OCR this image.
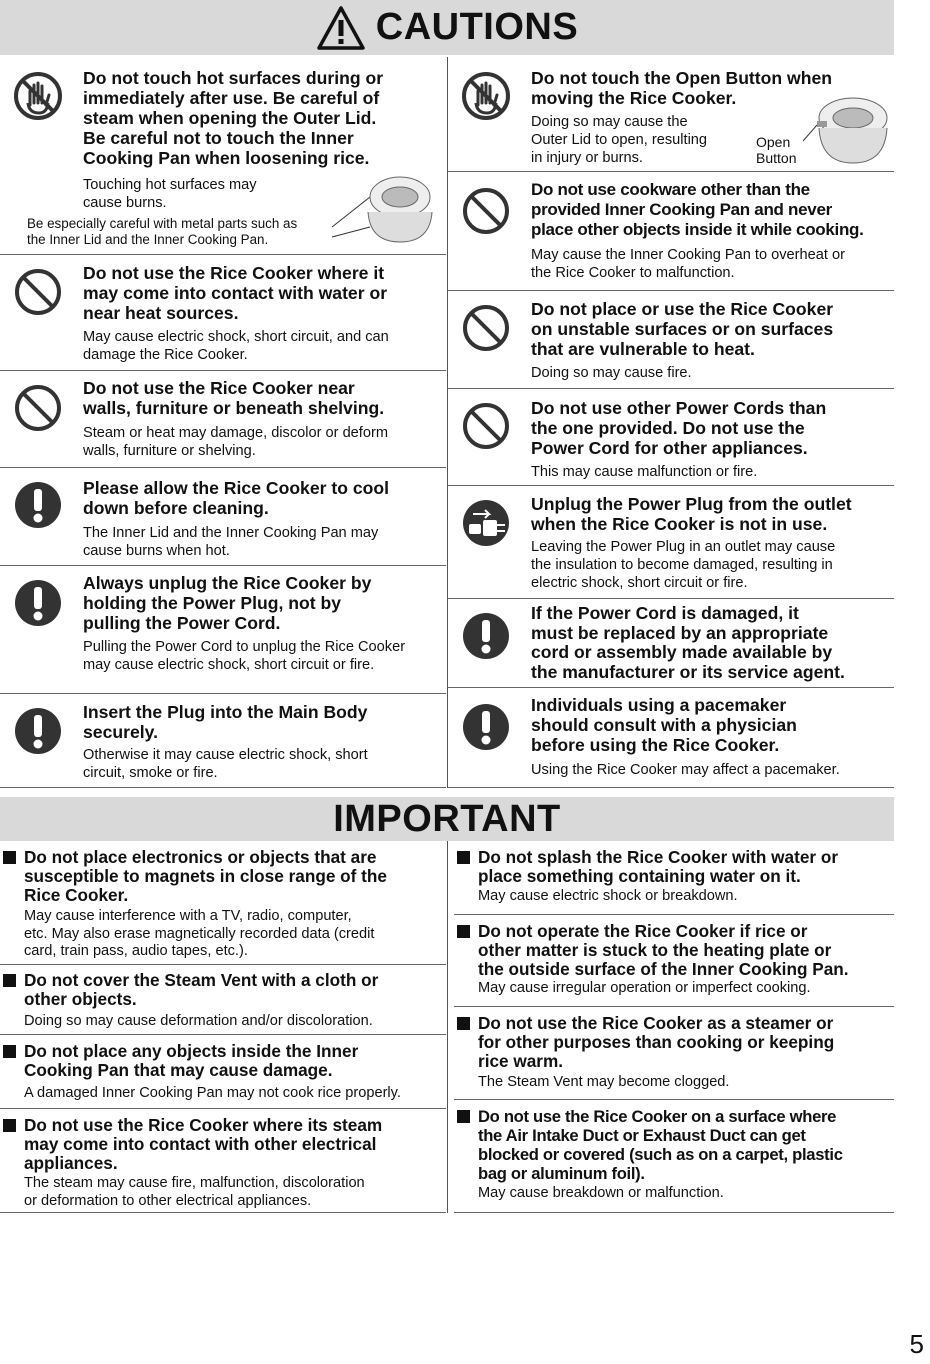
CAUTIONS
Do not touch hot surfaces during or
immediately after use. Be careful of
steam when opening the Outer Lid.
Be careful not to touch the Inner
Cooking Pan when loosening rice.
Touching hot surfaces may
cause burns.
Be especially careful with metal parts such as
the Inner Lid and the Inner Cooking Pan.
Do not use the Rice Cooker where it
may come into contact with water or
near heat sources.
May cause electric shock, short circuit, and can
damage the Rice Cooker.
Do not use the Rice Cooker near
walls, furniture or beneath shelving.
Steam or heat may damage, discolor or deform
walls, furniture or shelving.
Please allow the Rice Cooker to cool
down before cleaning.
The Inner Lid and the Inner Cooking Pan may
cause burns when hot.
Always unplug the Rice Cooker by
holding the Power Plug, not by
pulling the Power Cord.
Pulling the Power Cord to unplug the Rice Cooker
may cause electric shock, short circuit or fire.
Insert the Plug into the Main Body
securely.
Otherwise it may cause electric shock, short
circuit, smoke or fire.
Do not touch the Open Button when
moving the Rice Cooker.
Doing so may cause the
Outer Lid to open, resulting
in injury or burns.
Open
Button
Do not use cookware other than the
provided Inner Cooking Pan and never
place other objects inside it while cooking.
May cause the Inner Cooking Pan to overheat or
the Rice Cooker to malfunction.
Do not place or use the Rice Cooker
on unstable surfaces or on surfaces
that are vulnerable to heat.
Doing so may cause fire.
Do not use other Power Cords than
the one provided. Do not use the
Power Cord for other appliances.
This may cause malfunction or fire.
Unplug the Power Plug from the outlet
when the Rice Cooker is not in use.
Leaving the Power Plug in an outlet may cause
the insulation to become damaged, resulting in
electric shock, short circuit or fire.
If the Power Cord is damaged, it
must be replaced by an appropriate
cord or assembly made available by
the manufacturer or its service agent.
Individuals using a pacemaker
should consult with a physician
before using the Rice Cooker.
Using the Rice Cooker may affect a pacemaker.
IMPORTANT
Do not place electronics or objects that are
susceptible to magnets in close range of the
Rice Cooker.
May cause interference with a TV, radio, computer,
etc. May also erase magnetically recorded data (credit
card, train pass, audio tapes, etc.).
Do not cover the Steam Vent with a cloth or
other objects.
Doing so may cause deformation and/or discoloration.
Do not place any objects inside the Inner
Cooking Pan that may cause damage.
A damaged Inner Cooking Pan may not cook rice properly.
Do not use the Rice Cooker where its steam
may come into contact with other electrical
appliances.
The steam may cause fire, malfunction, discoloration
or deformation to other electrical appliances.
Do not splash the Rice Cooker with water or
place something containing water on it.
May cause electric shock or breakdown.
Do not operate the Rice Cooker if rice or
other matter is stuck to the heating plate or
the outside surface of the Inner Cooking Pan.
May cause irregular operation or imperfect cooking.
Do not use the Rice Cooker as a steamer or
for other purposes than cooking or keeping
rice warm.
The Steam Vent may become clogged.
Do not use the Rice Cooker on a surface where
the Air Intake Duct or Exhaust Duct can get
blocked or covered (such as on a carpet, plastic
bag or aluminum foil).
May cause breakdown or malfunction.
5
